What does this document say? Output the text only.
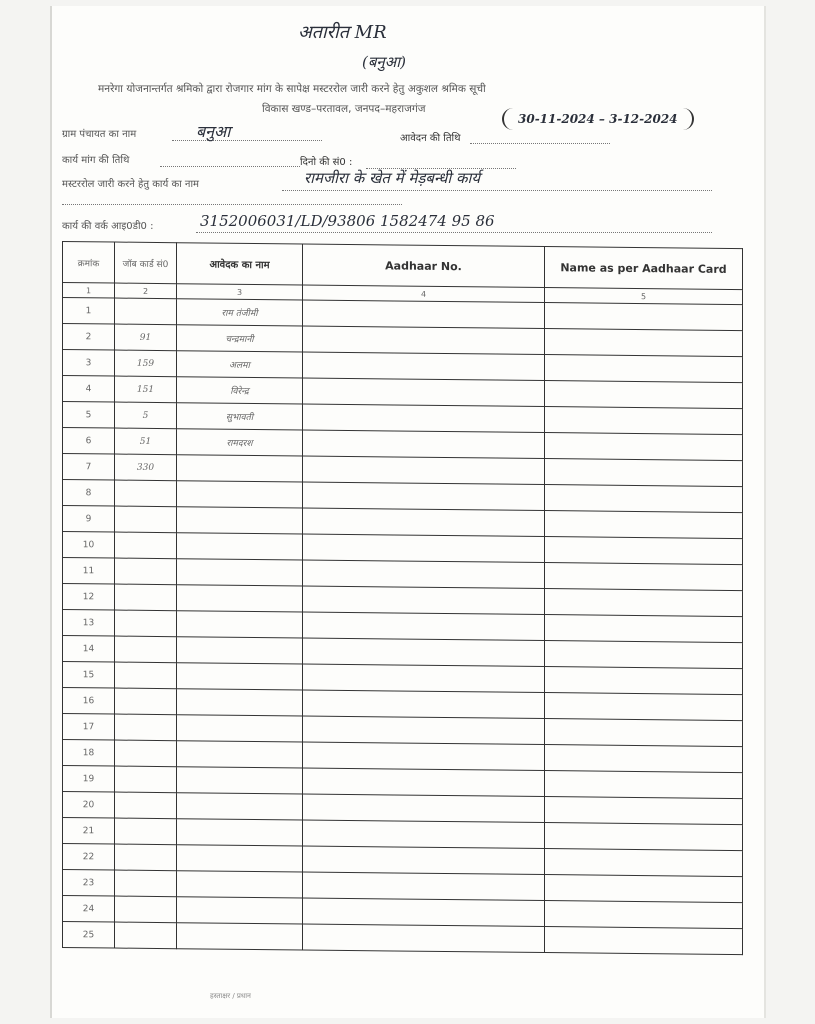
अतारीत MR
(बनुआ)
मनरेगा योजनान्तर्गत श्रमिको द्वारा रोजगार मांग के सापेक्ष मस्टररोल जारी करने हेतु अकुशल श्रमिक सूची
विकास खण्ड–परतावल, जनपद–महराजगंज
30-11-2024 – 3-12-2024
ग्राम पंचायत का नाम	बनुआ	आवेदन की तिथि
कार्य मांग की तिथि	दिनो की सं0 :
मस्टररोल जारी करने हेतु कार्य का नाम	रामजीरा के खेत में मेड़बन्धी कार्य
कार्य की वर्क आइ0डी0 :	3152006031/LD/93806 1582474 95 86
क्रमांक	जॉब कार्ड सं0	आवेदक का नाम	Aadhaar No.	Name as per Aadhaar Card
1	2	3	4	5
1		राम तंजीमी		
2	91	चन्द्रमानी		
3	159	अलमा		
4	151	विरेन्द्र		
5	5	सुभावती		
6	51	रामदरश		
7	330			
8				
9				
10				
11				
12				
13				
14				
15				
16				
17				
18				
19				
20				
21				
22				
23				
24				
25				
हस्ताक्षर / प्रधान
